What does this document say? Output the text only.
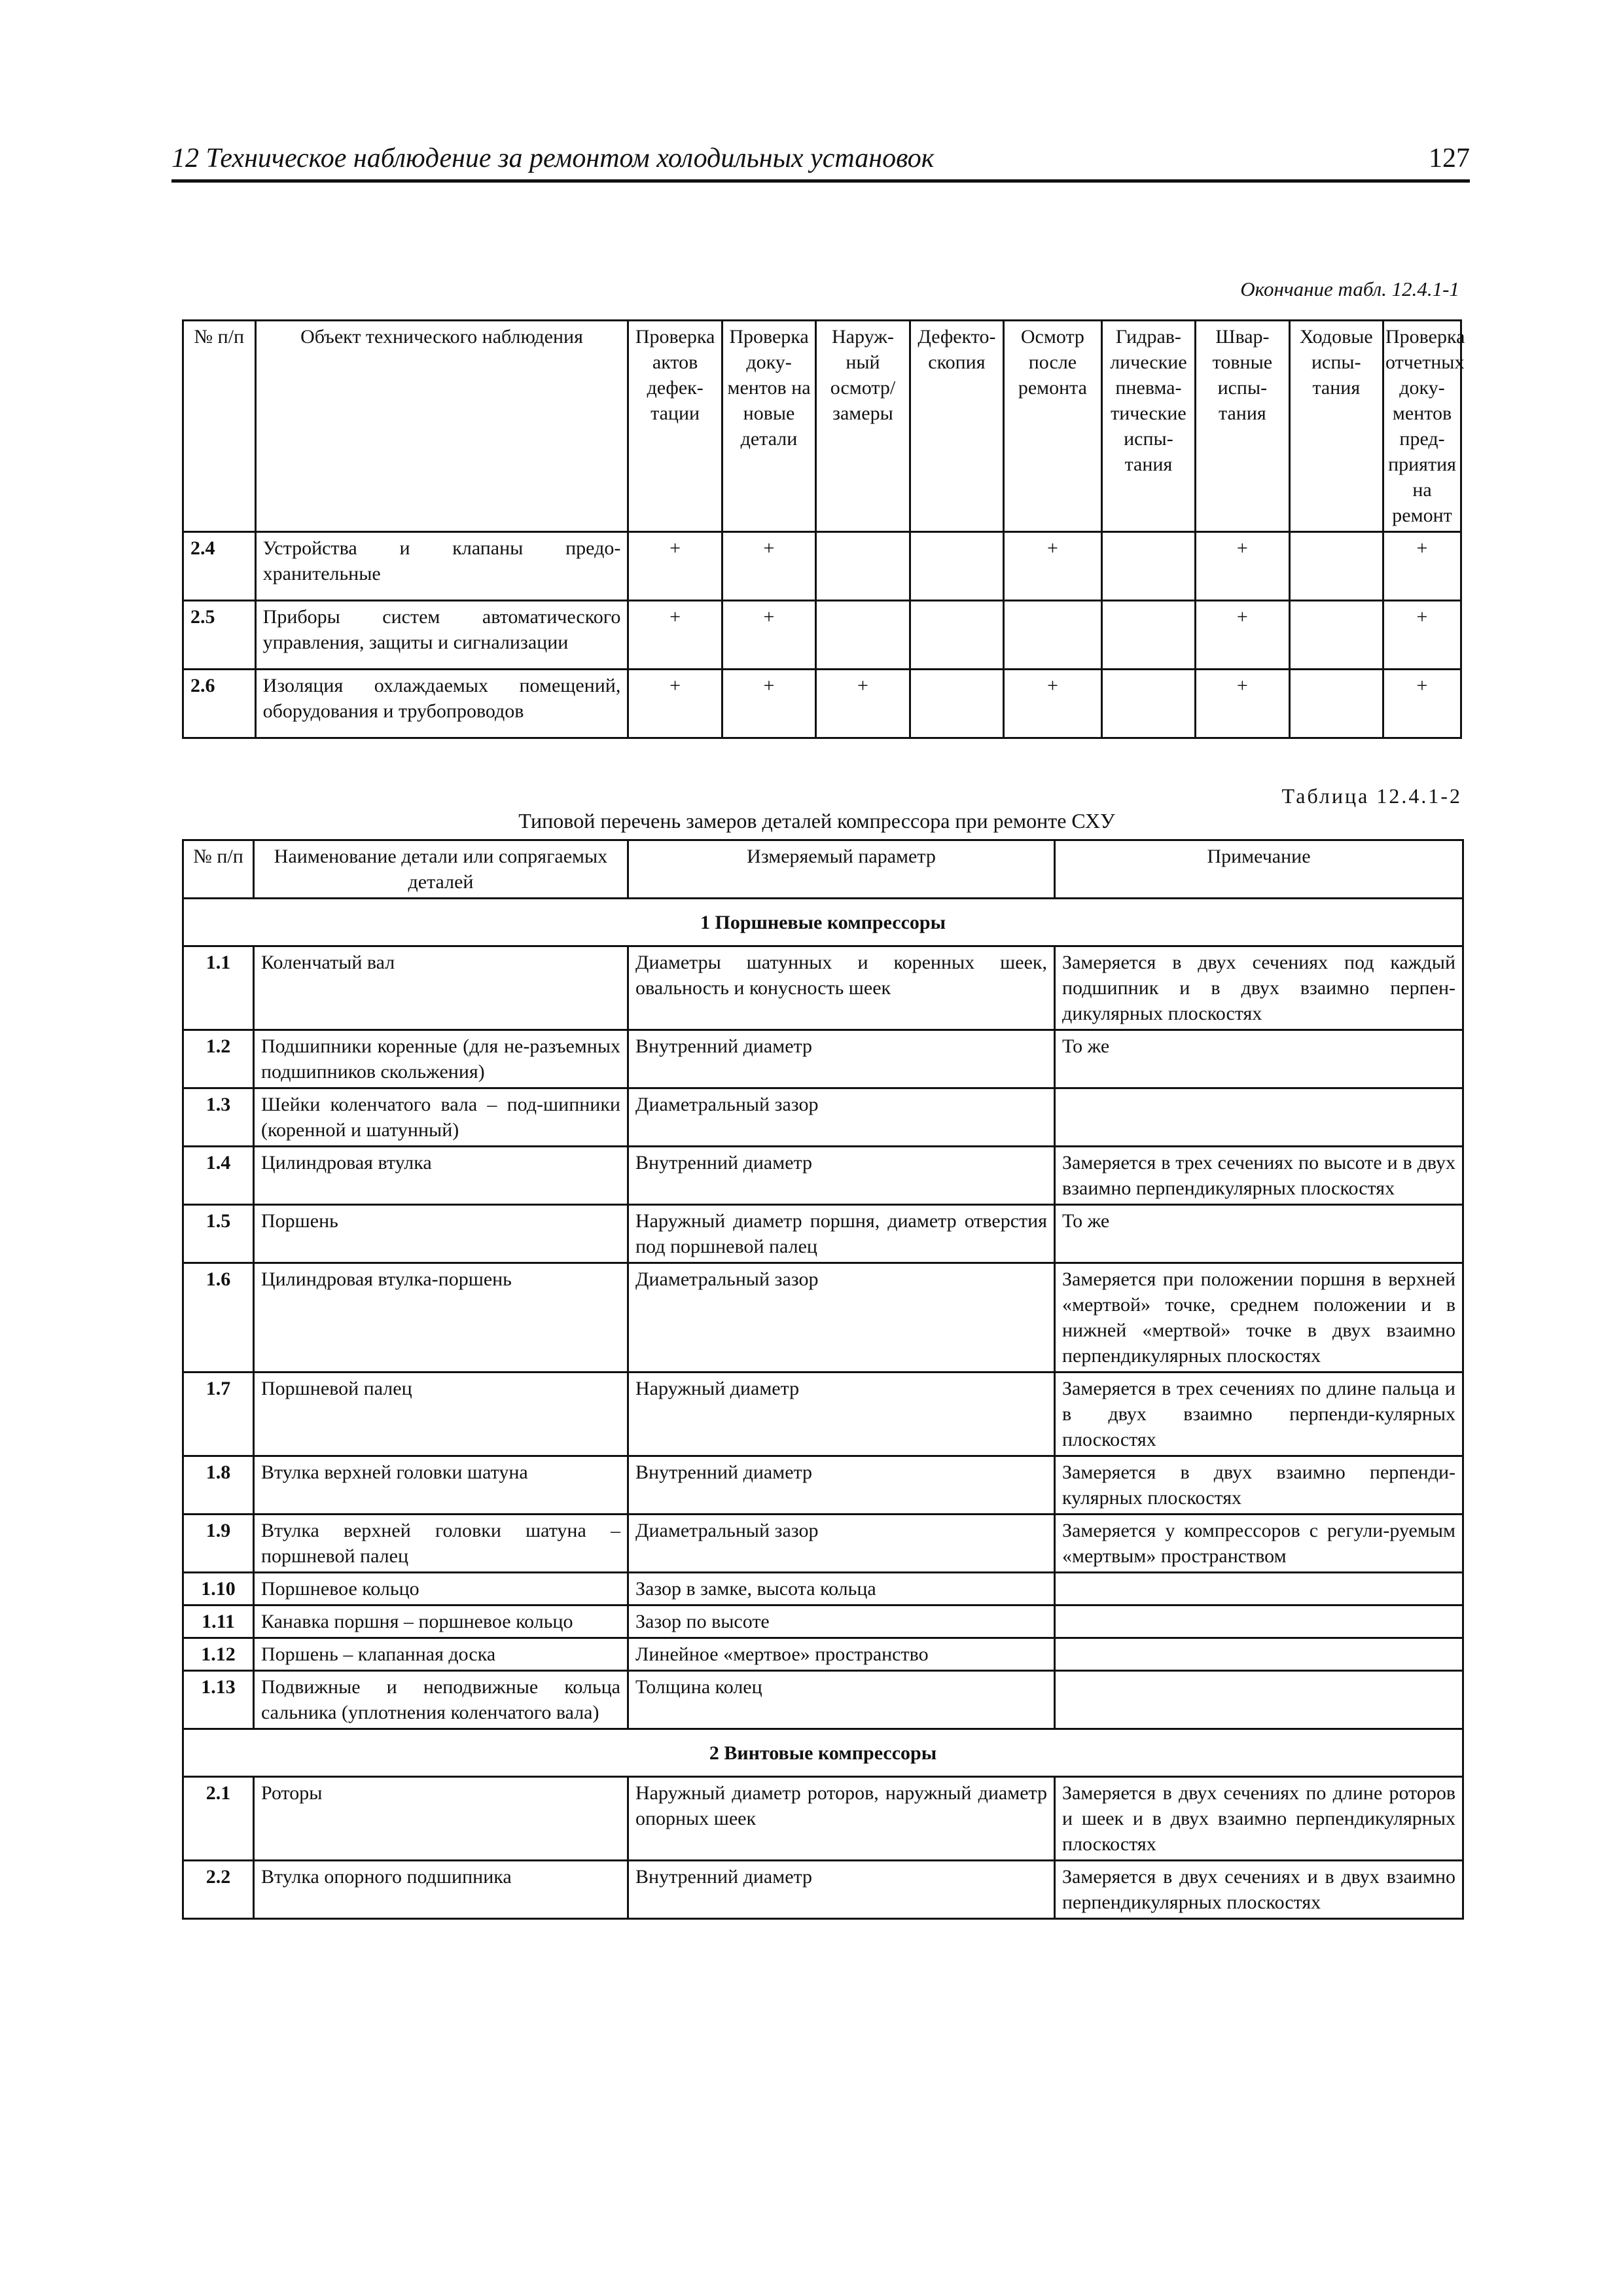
12 Техническое наблюдение за ремонтом холодильных установок	127
Окончание табл. 12.4.1-1
№ п/п	Объект технического наблюдения	Проверка актов дефек-тации	Проверка доку-ментов на новые детали	Наруж-ный осмотр/ замеры	Дефекто-скопия	Осмотр после ремонта	Гидрав-лические пневма-тические испы-тания	Швар-товные испы-тания	Ходовые испы-тания	Проверка отчетных доку-ментов пред-приятия на ремонт
2.4	Устройства и клапаны предо-хранительные	+	+			+		+		+
2.5	Приборы систем автоматического управления, защиты и сигнализации	+	+					+		+
2.6	Изоляция охлаждаемых помещений, оборудования и трубопроводов	+	+	+		+		+		+
Таблица 12.4.1-2
Типовой перечень замеров деталей компрессора при ремонте СХУ
№ п/п	Наименование детали или сопрягаемых деталей	Измеряемый параметр	Примечание
1 Поршневые компрессоры			
1.1	Коленчатый вал	Диаметры шатунных и коренных шеек, овальность и конусность шеек	Замеряется в двух сечениях под каждый подшипник и в двух взаимно перпен-дикулярных плоскостях
1.2	Подшипники коренные (для не-разъемных подшипников скольжения)	Внутренний диаметр	То же
1.3	Шейки коленчатого вала – под-шипники (коренной и шатунный)	Диаметральный зазор	
1.4	Цилиндровая втулка	Внутренний диаметр	Замеряется в трех сечениях по высоте и в двух взаимно перпендикулярных плоскостях
1.5	Поршень	Наружный диаметр поршня, диаметр отверстия под поршневой палец	То же
1.6	Цилиндровая втулка-поршень	Диаметральный зазор	Замеряется при положении поршня в верхней «мертвой» точке, среднем положении и в нижней «мертвой» точке в двух взаимно перпендикулярных плоскостях
1.7	Поршневой палец	Наружный диаметр	Замеряется в трех сечениях по длине пальца и в двух взаимно перпенди-кулярных плоскостях
1.8	Втулка верхней головки шатуна	Внутренний диаметр	Замеряется в двух взаимно перпенди-кулярных плоскостях
1.9	Втулка верхней головки шатуна – поршневой палец	Диаметральный зазор	Замеряется у компрессоров с регули-руемым «мертвым» пространством
1.10	Поршневое кольцо	Зазор в замке, высота кольца	
1.11	Канавка поршня – поршневое кольцо	Зазор по высоте	
1.12	Поршень – клапанная доска	Линейное «мертвое» пространство	
1.13	Подвижные и неподвижные кольца сальника (уплотнения коленчатого вала)	Толщина колец	
2 Винтовые компрессоры			
2.1	Роторы	Наружный диаметр роторов, наружный диаметр опорных шеек	Замеряется в двух сечениях по длине роторов и шеек и в двух взаимно перпендикулярных плоскостях
2.2	Втулка опорного подшипника	Внутренний диаметр	Замеряется в двух сечениях и в двух взаимно перпендикулярных плоскостях
